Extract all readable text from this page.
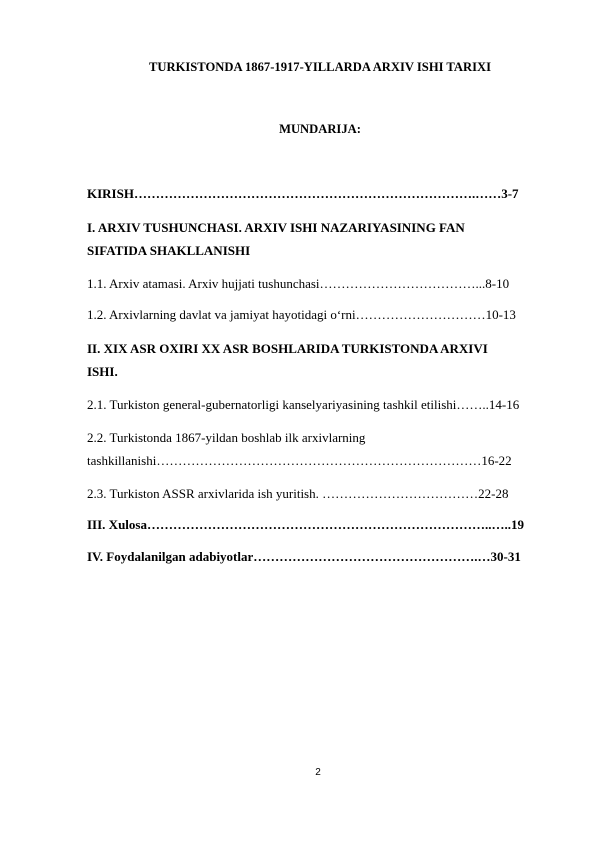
TURKISTONDA 1867-1917-YILLARDA ARXIV ISHI TARIXI
MUNDARIJA:
KIRISH…………………………………………………………………….……3-7
I. ARXIV TUSHUNCHASI. ARXIV ISHI NAZARIYASINING FAN
SIFATIDA SHAKLLANISHI
1.1. Arxiv atamasi. Arxiv hujjati tushunchasi………………………………...8-10
1.2. Arxivlarning davlat va jamiyat hayotidagi o‘rni…………………………10-13
II. XIX ASR OXIRI XX ASR BOSHLARIDA TURKISTONDA ARXIVI
ISHI.
2.1. Turkiston general-gubernatorligi kanselyariyasining tashkil etilishi……..14-16
2.2. Turkistonda 1867-yildan boshlab ilk arxivlarning
tashkillanishi…………………………………………………………………16-22
2.3. Turkiston ASSR arxivlarida ish yuritish. ………………………………22-28
III. Xulosa……………………………………………………………………..…..19
IV. Foydalanilgan adabiyotlar…………………………………………….…30-31
2
